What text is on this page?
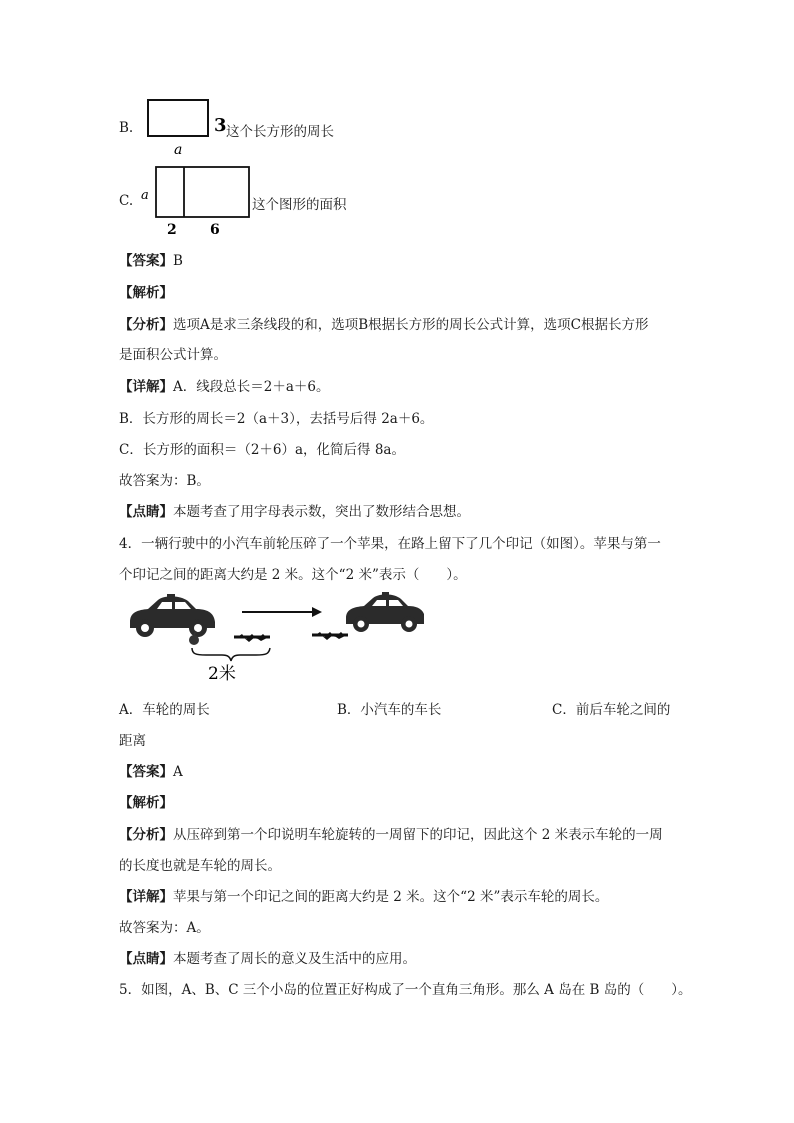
B.	3
a
这个长方形的周长
C. a
2 6
这个图形的面积
【答案】B
【解析】
【分析】选项A是求三条线段的和，选项B根据长方形的周长公式计算，选项C根据长方形
是面积公式计算。
【详解】A．线段总长＝2＋a＋6。
B．长方形的周长＝2（a＋3），去括号后得 2a＋6。
C．长方形的面积＝（2＋6）a，化简后得 8a。
故答案为：B。
【点睛】本题考查了用字母表示数，突出了数形结合思想。
4．一辆行驶中的小汽车前轮压碎了一个苹果，在路上留下了几个印记（如图）。苹果与第一
个印记之间的距离大约是 2 米。这个“2 米”表示（　　）。
2米
A．车轮的周长	B．小汽车的车长	C．前后车轮之间的
距离
【答案】A
【解析】
【分析】从压碎到第一个印说明车轮旋转的一周留下的印记，因此这个 2 米表示车轮的一周
的长度也就是车轮的周长。
【详解】苹果与第一个印记之间的距离大约是 2 米。这个“2 米”表示车轮的周长。
故答案为：A。
【点睛】本题考查了周长的意义及生活中的应用。
5．如图，A、B、C 三个小岛的位置正好构成了一个直角三角形。那么 A 岛在 B 岛的（　　）。
